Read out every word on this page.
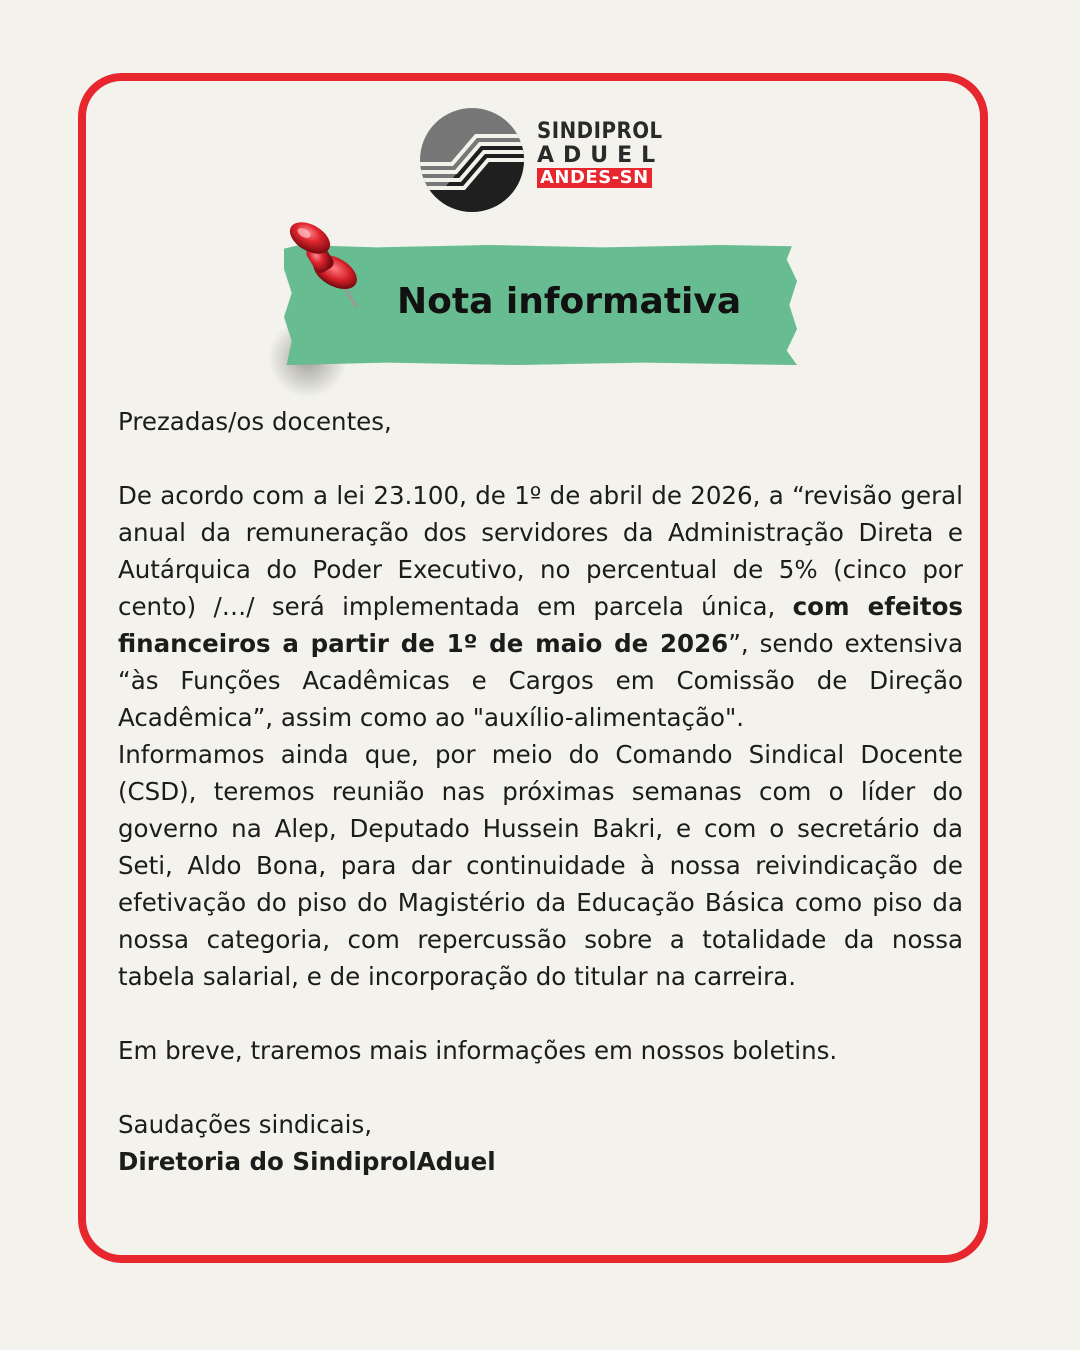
SINDIPROL
ADUEL
ANDES-SN
Nota informativa

Prezadas/os docentes,

De acordo com a lei 23.100, de 1º de abril de 2026, a “revisão geral anual da remuneração dos servidores da Administração Direta e Autárquica do Poder Executivo, no percentual de 5% (cinco por cento) /…/ será implementada em parcela única, com efeitos financeiros a partir de 1º de maio de 2026”, sendo extensiva “às Funções Acadêmicas e Cargos em Comissão de Direção Acadêmica”, assim como ao "auxílio-alimentação".

Informamos ainda que, por meio do Comando Sindical Docente (CSD), teremos reunião nas próximas semanas com o líder do governo na Alep, Deputado Hussein Bakri, e com o secretário da Seti, Aldo Bona, para dar continuidade à nossa reivindicação de efetivação do piso do Magistério da Educação Básica como piso da nossa categoria, com repercussão sobre a totalidade da nossa tabela salarial, e de incorporação do titular na carreira.

Em breve, traremos mais informações em nossos boletins.

Saudações sindicais,

Diretoria do SindiprolAduel
